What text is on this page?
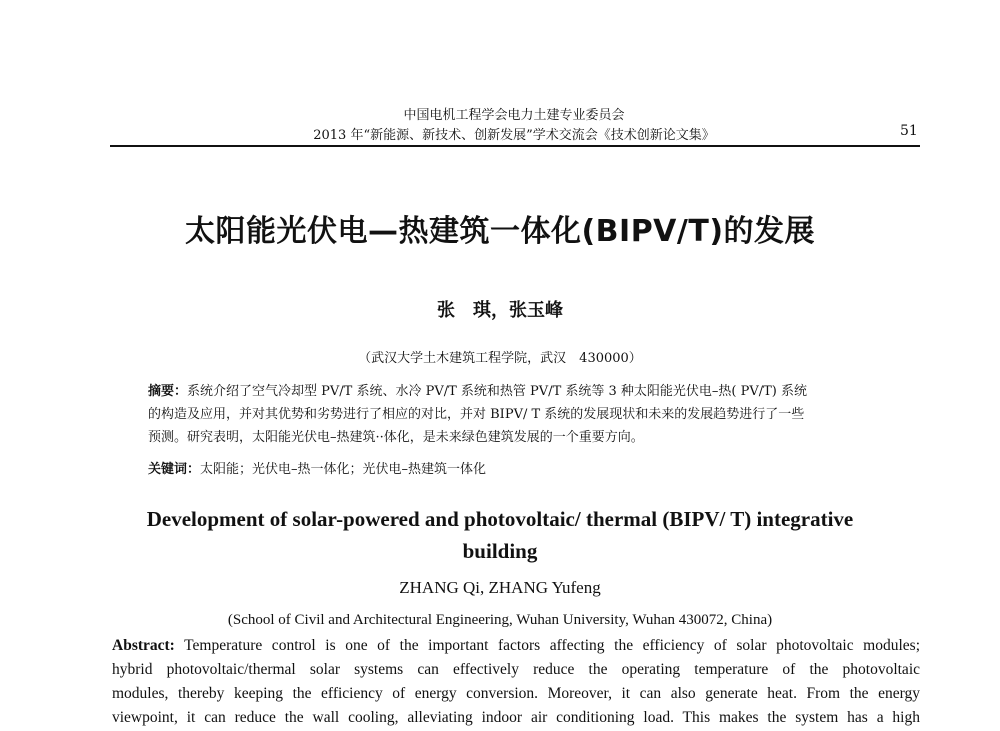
中国电机工程学会电力土建专业委员会
2013 年“新能源、新技术、创新发展”学术交流会《技术创新论文集》	51
太阳能光伏电—热建筑一体化(BIPV/T)的发展
张　琪，张玉峰
（武汉大学土木建筑工程学院，武汉　430000）
摘要：系统介绍了空气冷却型 PV/T 系统、水冷 PV/T 系统和热管 PV/T 系统等 3 种太阳能光伏电–热( PV/T) 系统
的构造及应用，并对其优势和劣势进行了相应的对比，并对 BIPV/ T 系统的发展现状和未来的发展趋势进行了一些
预测。研究表明，太阳能光伏电–热建筑··体化，是未来绿色建筑发展的一个重要方向。
关键词：太阳能；光伏电–热一体化；光伏电–热建筑一体化
Development of solar-powered and photovoltaic/ thermal (BIPV/ T) integrative
building
ZHANG Qi, ZHANG Yufeng
(School of Civil and Architectural Engineering, Wuhan University, Wuhan 430072, China)
Abstract: Temperature control is one of the important factors affecting the efficiency of solar photovoltaic modules;
hybrid photovoltaic/thermal solar systems can effectively reduce the operating temperature of the photovoltaic
modules, thereby keeping the efficiency of energy conversion. Moreover, it can also generate heat. From the energy
viewpoint, it can reduce the wall cooling, alleviating indoor air conditioning load. This makes the system has a high
